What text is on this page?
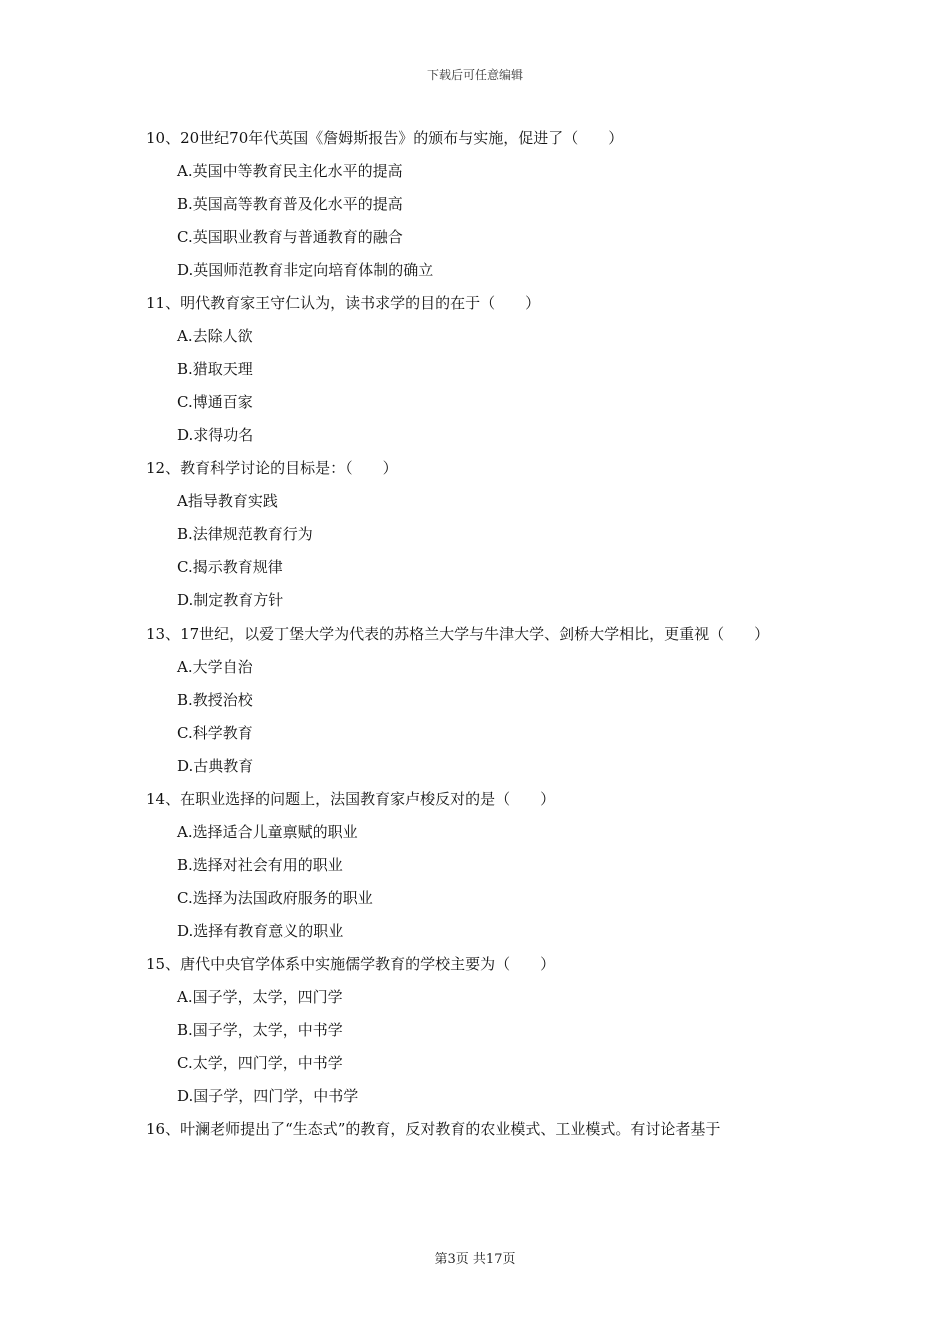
下载后可任意编辑

10、20世纪70年代英国《詹姆斯报告》的颁布与实施，促进了（　　）

A.英国中等教育民主化水平的提高

B.英国高等教育普及化水平的提高

C.英国职业教育与普通教育的融合

D.英国师范教育非定向培育体制的确立

11、明代教育家王守仁认为，读书求学的目的在于（　　）

A.去除人欲

B.猎取天理

C.博通百家

D.求得功名

12、教育科学讨论的目标是：（　　）

A指导教育实践

B.法律规范教育行为

C.揭示教育规律

D.制定教育方针

13、17世纪，以爱丁堡大学为代表的苏格兰大学与牛津大学、剑桥大学相比，更重视（　　）

A.大学自治

B.教授治校

C.科学教育

D.古典教育

14、在职业选择的问题上，法国教育家卢梭反对的是（　　）

A.选择适合儿童禀赋的职业

B.选择对社会有用的职业

C.选择为法国政府服务的职业

D.选择有教育意义的职业

15、唐代中央官学体系中实施儒学教育的学校主要为（　　）

A.国子学，太学，四门学

B.国子学，太学，中书学

C.太学，四门学，中书学

D.国子学，四门学，中书学

16、叶澜老师提出了“生态式”的教育，反对教育的农业模式、工业模式。有讨论者基于

第3页 共17页
